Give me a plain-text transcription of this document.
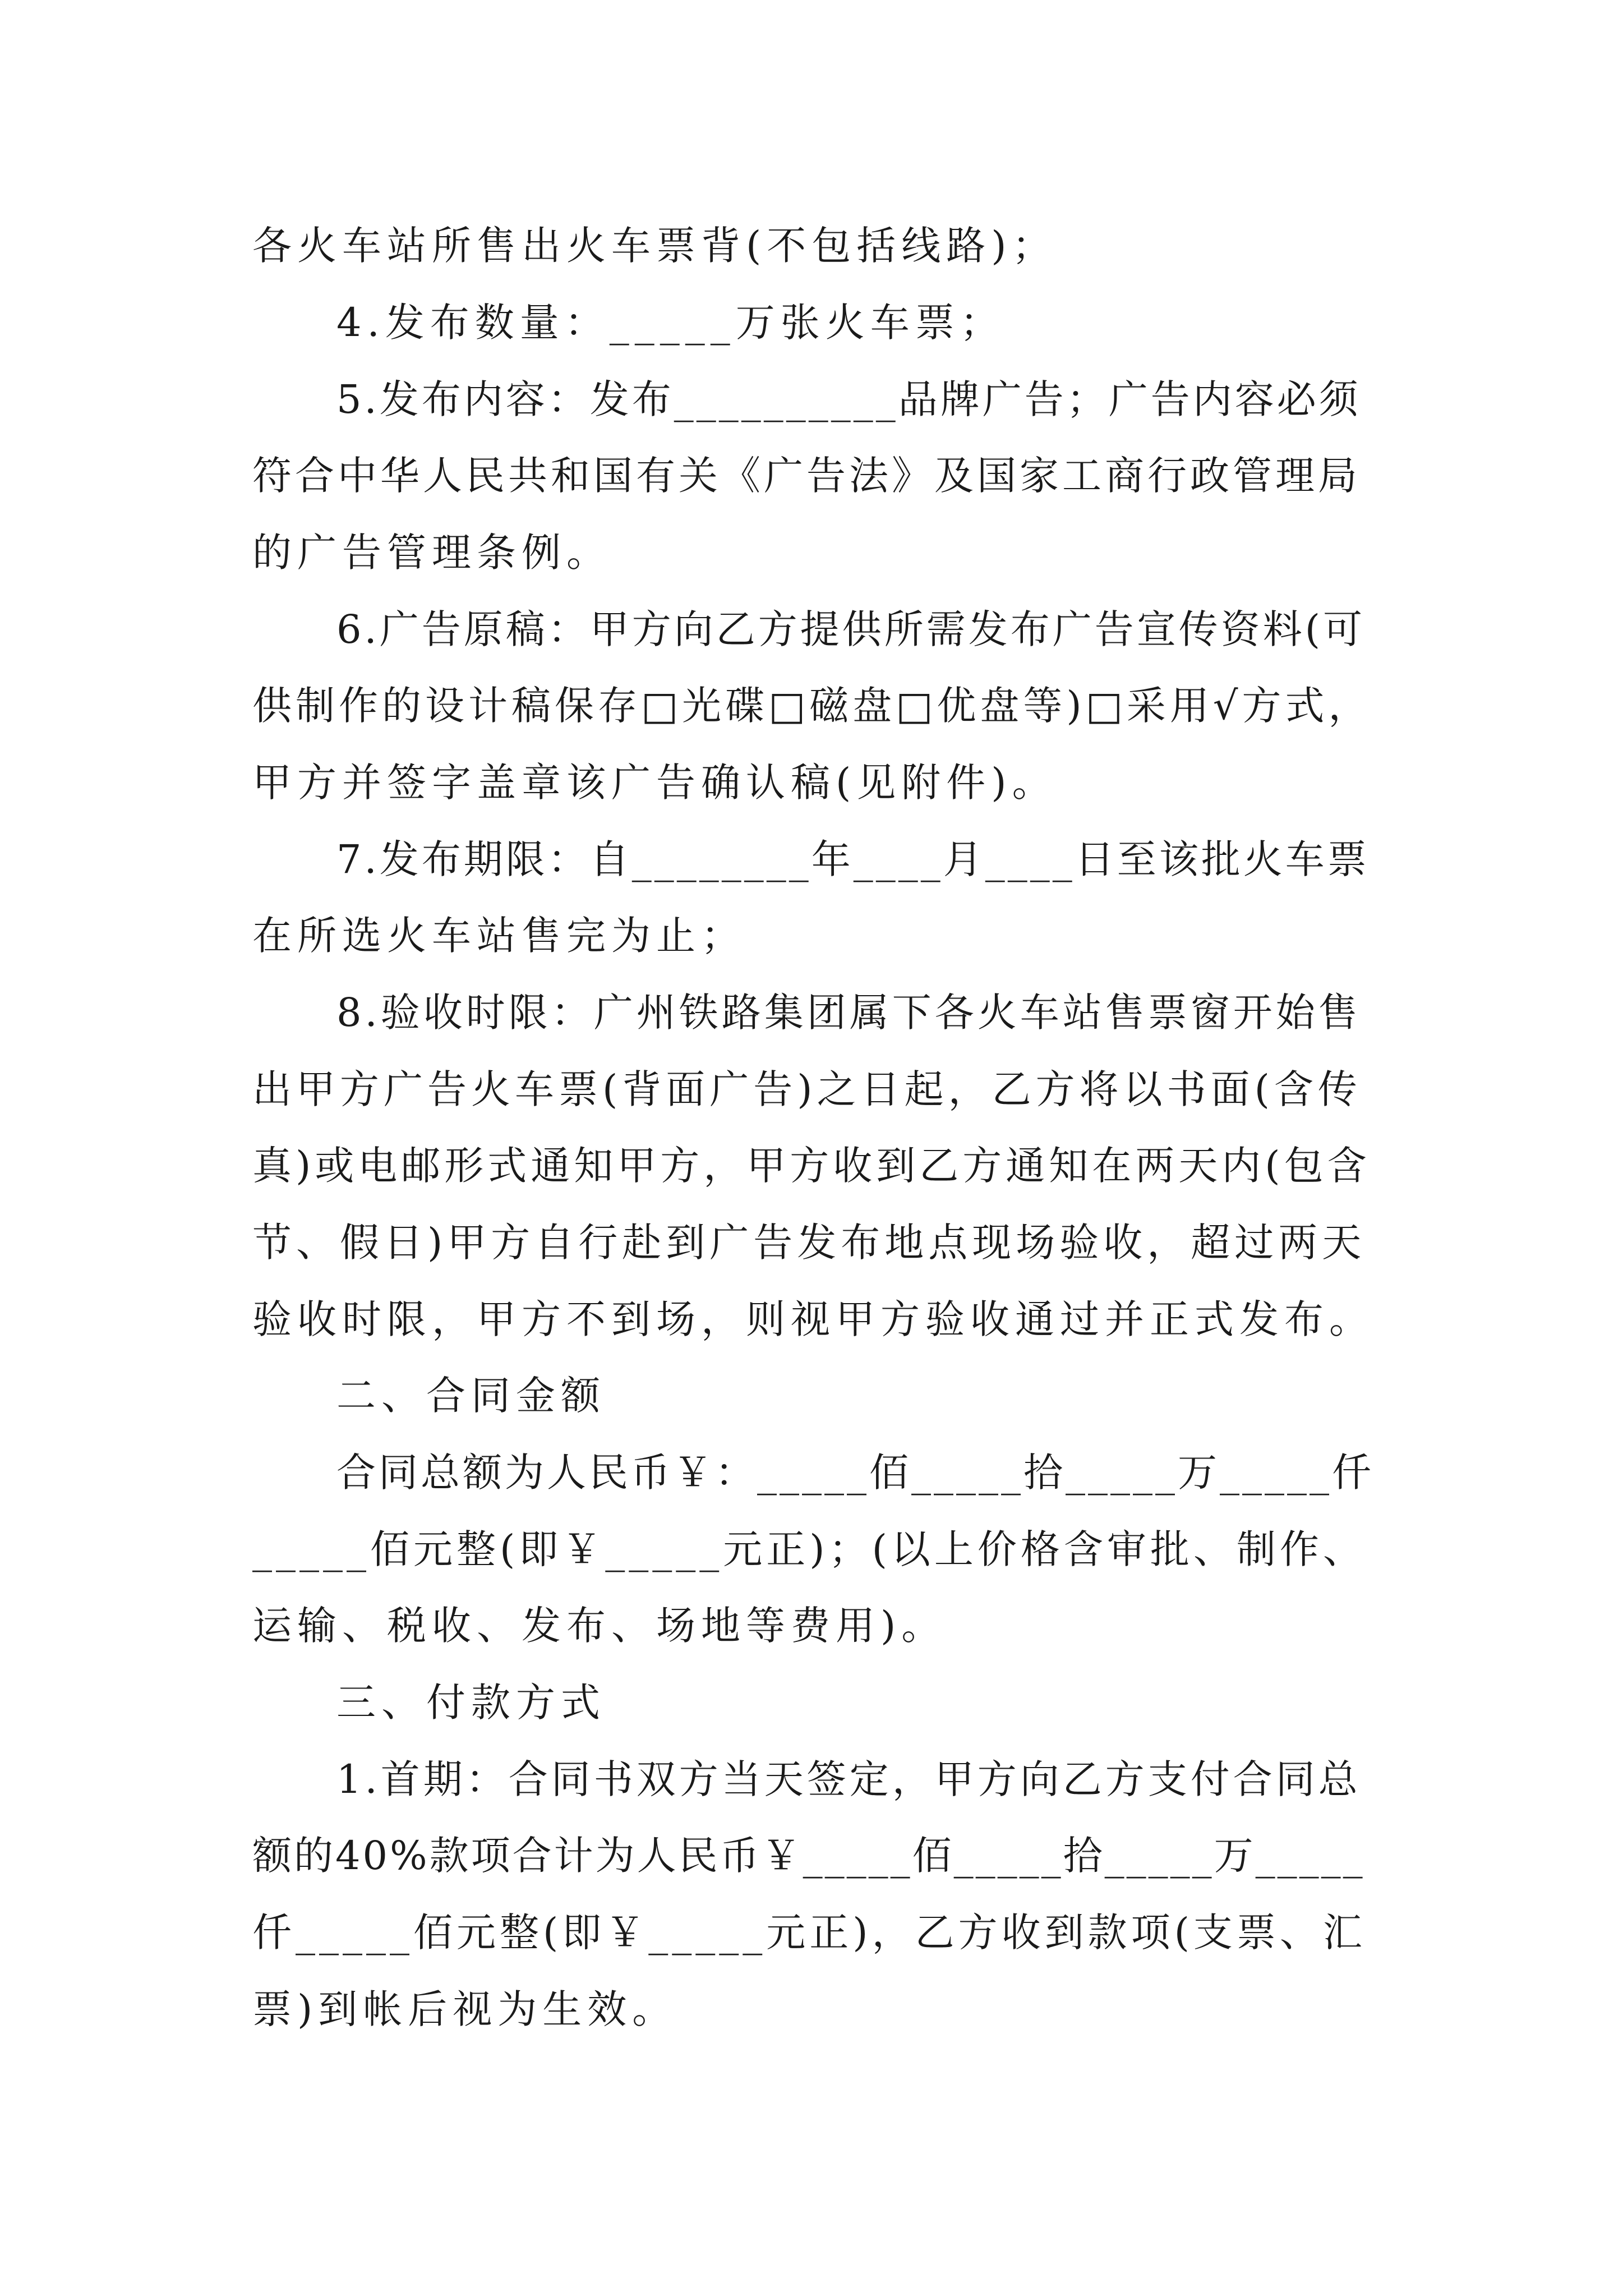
各火车站所售出火车票背(不包括线路)；
4.发布数量：_____万张火车票；
5.发布内容：发布__________品牌广告；广告内容必须
符合中华人民共和国有关《广告法》及国家工商行政管理局
的广告管理条例。
6.广告原稿：甲方向乙方提供所需发布广告宣传资料(可
供制作的设计稿保存□光碟□磁盘□优盘等)□采用√方式，
甲方并签字盖章该广告确认稿(见附件)。
7.发布期限：自________年____月____日至该批火车票
在所选火车站售完为止；
8.验收时限：广州铁路集团属下各火车站售票窗开始售
出甲方广告火车票(背面广告)之日起，乙方将以书面(含传
真)或电邮形式通知甲方，甲方收到乙方通知在两天内(包含
节、假日)甲方自行赴到广告发布地点现场验收，超过两天
验收时限，甲方不到场，则视甲方验收通过并正式发布。
二、合同金额
合同总额为人民币￥：_____佰_____拾_____万_____仟
_____佰元整(即￥_____元正)；(以上价格含审批、制作、
运输、税收、发布、场地等费用)。
三、付款方式
1.首期：合同书双方当天签定，甲方向乙方支付合同总
额的40%款项合计为人民币￥_____佰_____拾_____万_____
仟_____佰元整(即￥_____元正)，乙方收到款项(支票、汇
票)到帐后视为生效。
